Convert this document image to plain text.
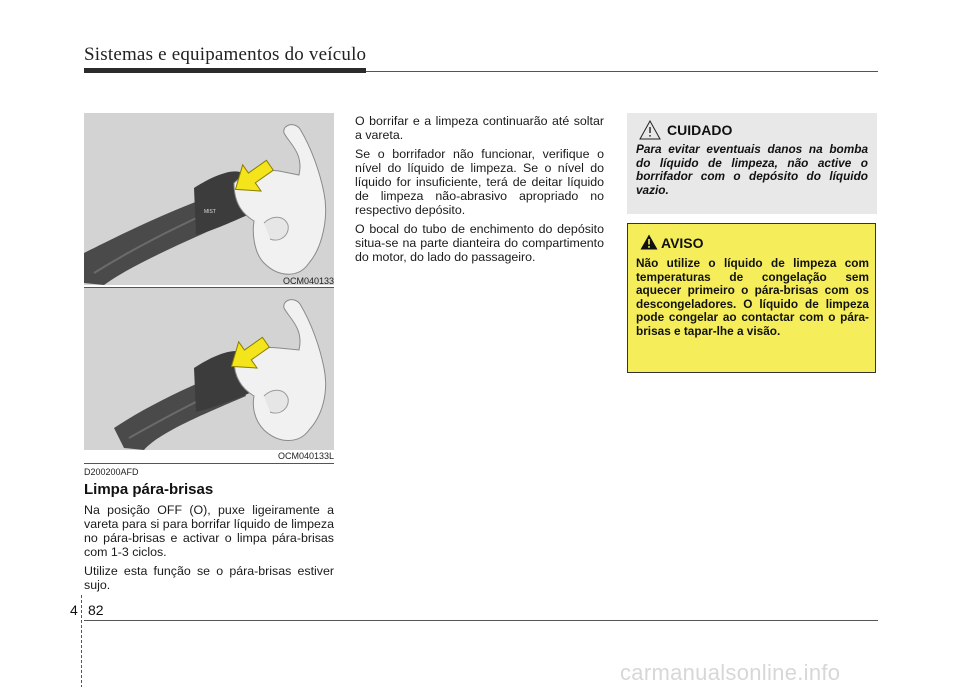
Sistemas e equipamentos do veículo
MIST
OCM040133
OCM040133L
D200200AFD
Limpa pára-brisas

Na posição OFF (O), puxe ligeiramente a vareta para si para borrifar líquido de limpeza no pára-brisas e activar o limpa pára-brisas com 1-3 ciclos.

Utilize esta função se o pára-brisas estiver sujo.

O borrifar e a limpeza continuarão até soltar a vareta.

Se o borrifador não funcionar, verifique o nível do líquido de limpeza. Se o nível do líquido for insuficiente, terá de deitar líquido de limpeza não-abrasivo apropriado no respectivo depósito.

O bocal do tubo de enchimento do depósito situa-se na parte dianteira do compartimento do motor, do lado do passageiro.

CUIDADO
Para evitar eventuais danos na bomba do líquido de limpeza, não active o borrifador com o depósito do líquido vazio.
AVISO
Não utilize o líquido de limpeza com temperaturas de congelação sem aquecer primeiro o pára-brisas com os descongeladores. O líquido de limpeza pode congelar ao contactar com o pára-brisas e tapar-lhe a visão.
4 82
carmanualsonline.info
